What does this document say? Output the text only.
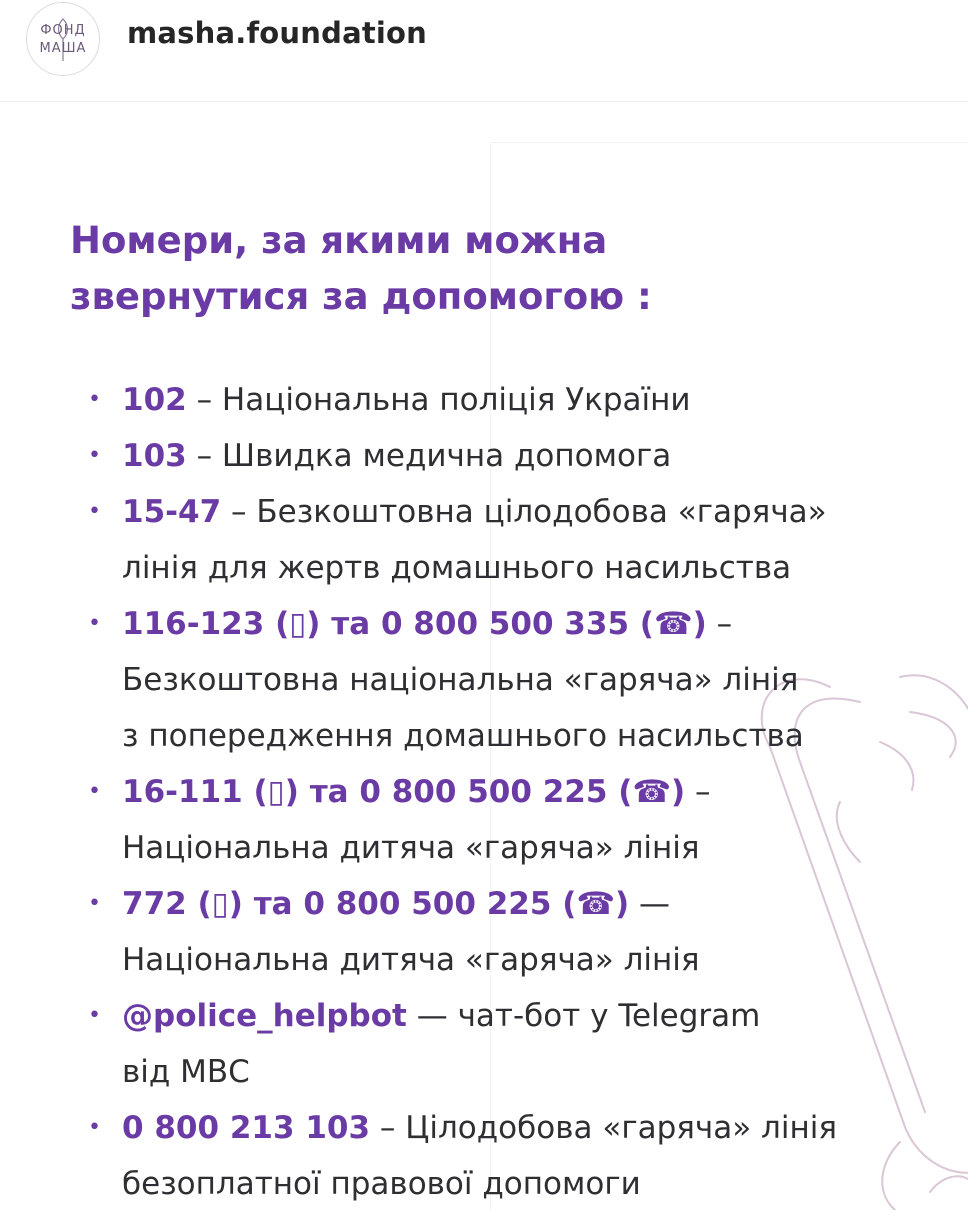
ФОНД
МАША	masha.foundation
Номери, за якими можна
звернутися за допомогою :
• 102 – Національна поліція України
• 103 – Швидка медична допомога
• 15-47 – Безкоштовна цілодобова «гаряча»
лінія для жертв домашнього насильства
• 116-123 (▯) та 0 800 500 335 (☎) –
Безкоштовна національна «гаряча» лінія
з попередження домашнього насильства
• 16-111 (▯) та 0 800 500 225 (☎) –
Національна дитяча «гаряча» лінія
• 772 (▯) та 0 800 500 225 (☎) —
Національна дитяча «гаряча» лінія
• @police_helpbot — чат-бот у Telegram
від МВС
• 0 800 213 103 – Цілодобова «гаряча» лінія
безоплатної правової допомоги
